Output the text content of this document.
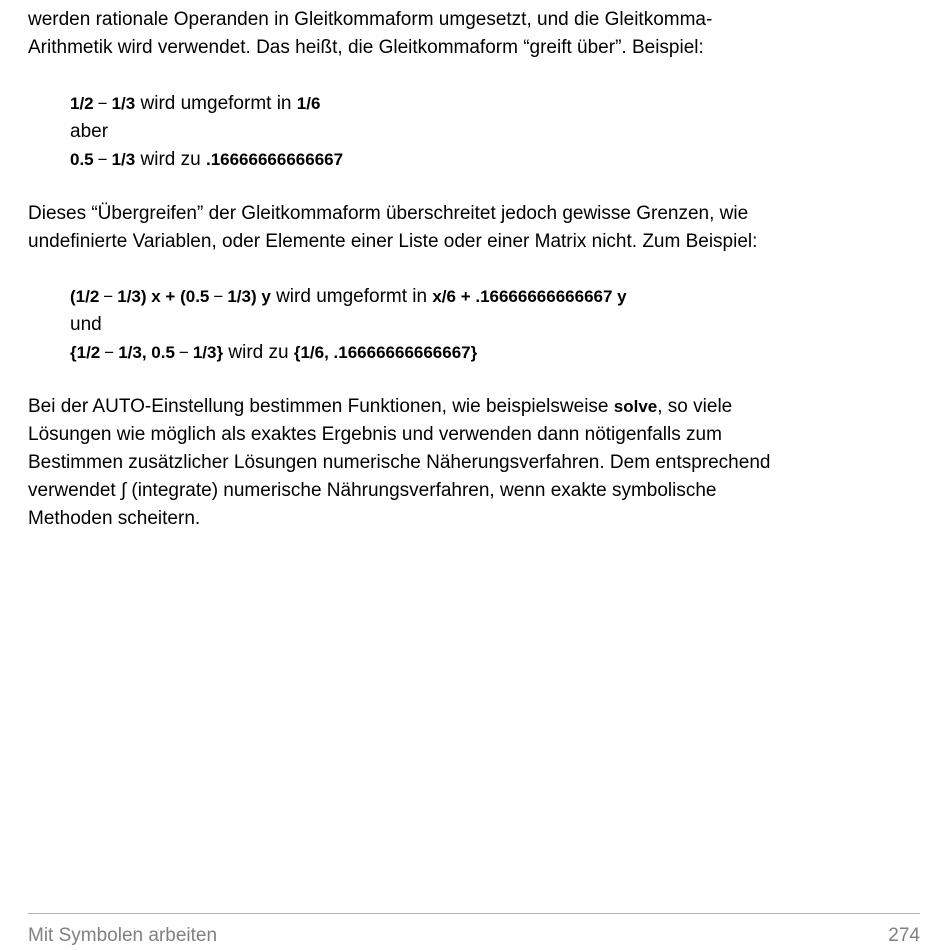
werden rationale Operanden in Gleitkommaform umgesetzt, und die Gleitkomma-
Arithmetik wird verwendet. Das heißt, die Gleitkommaform “greift über”. Beispiel:

1/2 − 1/3 wird umgeformt in 1/6
aber
0.5 − 1/3 wird zu .16666666666667

Dieses “Übergreifen” der Gleitkommaform überschreitet jedoch gewisse Grenzen, wie
undefinierte Variablen, oder Elemente einer Liste oder einer Matrix nicht. Zum Beispiel:

(1/2 − 1/3) x + (0.5 − 1/3) y wird umgeformt in x/6 + .16666666666667 y
und
{1/2 − 1/3, 0.5 − 1/3} wird zu {1/6, .16666666666667}

Bei der AUTO-Einstellung bestimmen Funktionen, wie beispielsweise solve, so viele
Lösungen wie möglich als exaktes Ergebnis und verwenden dann nötigenfalls zum
Bestimmen zusätzlicher Lösungen numerische Näherungsverfahren. Dem entsprechend
verwendet ∫ (integrate) numerische Nährungsverfahren, wenn exakte symbolische
Methoden scheitern.

Mit Symbolen arbeiten	274
